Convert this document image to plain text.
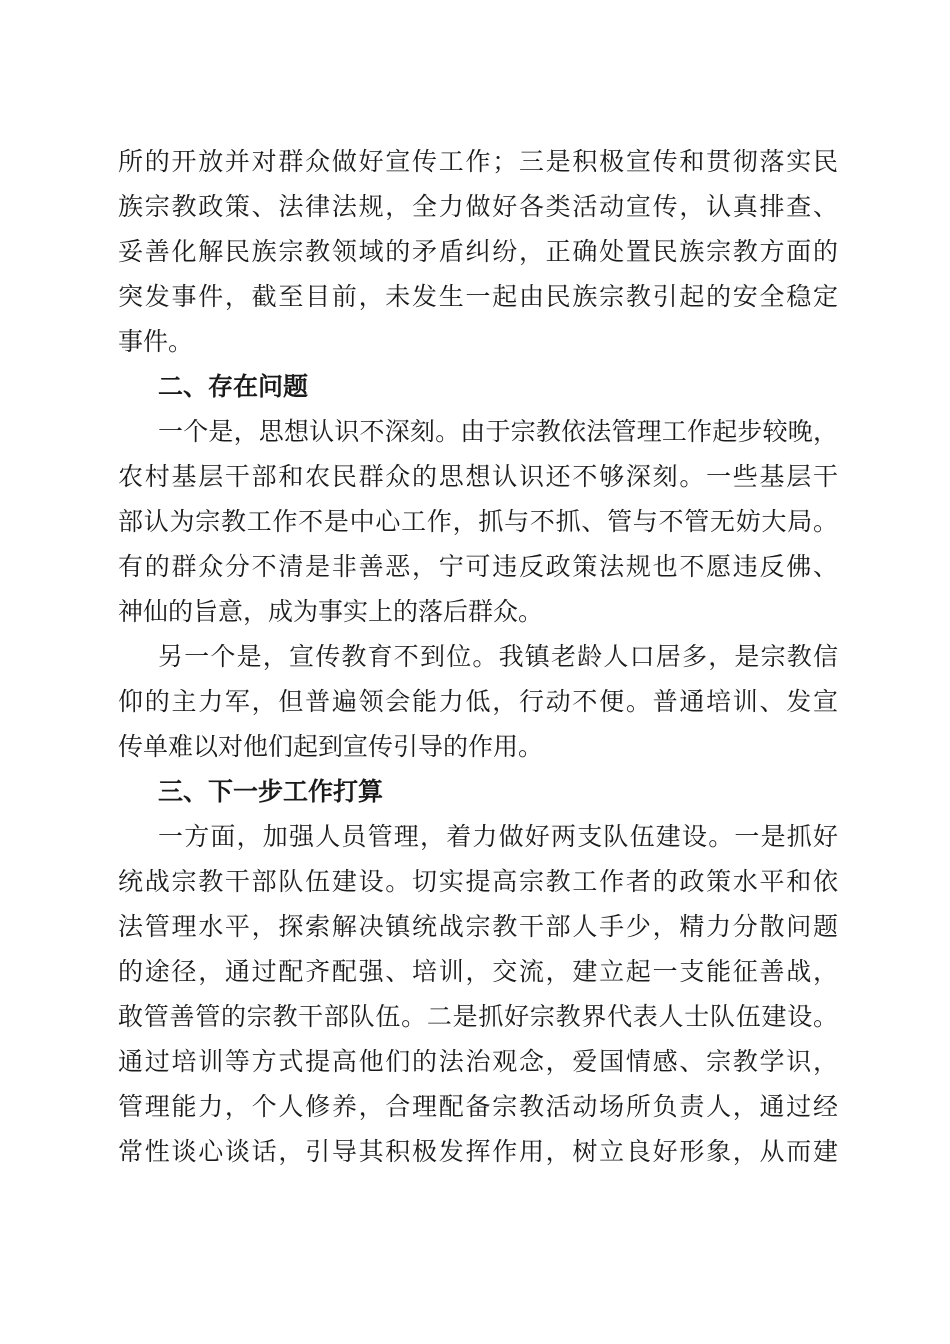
所的开放并对群众做好宣传工作；三是积极宣传和贯彻落实民
族宗教政策、法律法规，全力做好各类活动宣传，认真排查、
妥善化解民族宗教领域的矛盾纠纷，正确处置民族宗教方面的
突发事件，截至目前，未发生一起由民族宗教引起的安全稳定
事件。
二、存在问题
一个是，思想认识不深刻。由于宗教依法管理工作起步较晚，
农村基层干部和农民群众的思想认识还不够深刻。一些基层干
部认为宗教工作不是中心工作，抓与不抓、管与不管无妨大局。
有的群众分不清是非善恶，宁可违反政策法规也不愿违反佛、
神仙的旨意，成为事实上的落后群众。
另一个是，宣传教育不到位。我镇老龄人口居多，是宗教信
仰的主力军，但普遍领会能力低，行动不便。普通培训、发宣
传单难以对他们起到宣传引导的作用。
三、下一步工作打算
一方面，加强人员管理，着力做好两支队伍建设。一是抓好
统战宗教干部队伍建设。切实提高宗教工作者的政策水平和依
法管理水平，探索解决镇统战宗教干部人手少，精力分散问题
的途径，通过配齐配强、培训，交流，建立起一支能征善战，
敢管善管的宗教干部队伍。二是抓好宗教界代表人士队伍建设。
通过培训等方式提高他们的法治观念，爱国情感、宗教学识，
管理能力，个人修养，合理配备宗教活动场所负责人，通过经
常性谈心谈话，引导其积极发挥作用，树立良好形象，从而建
